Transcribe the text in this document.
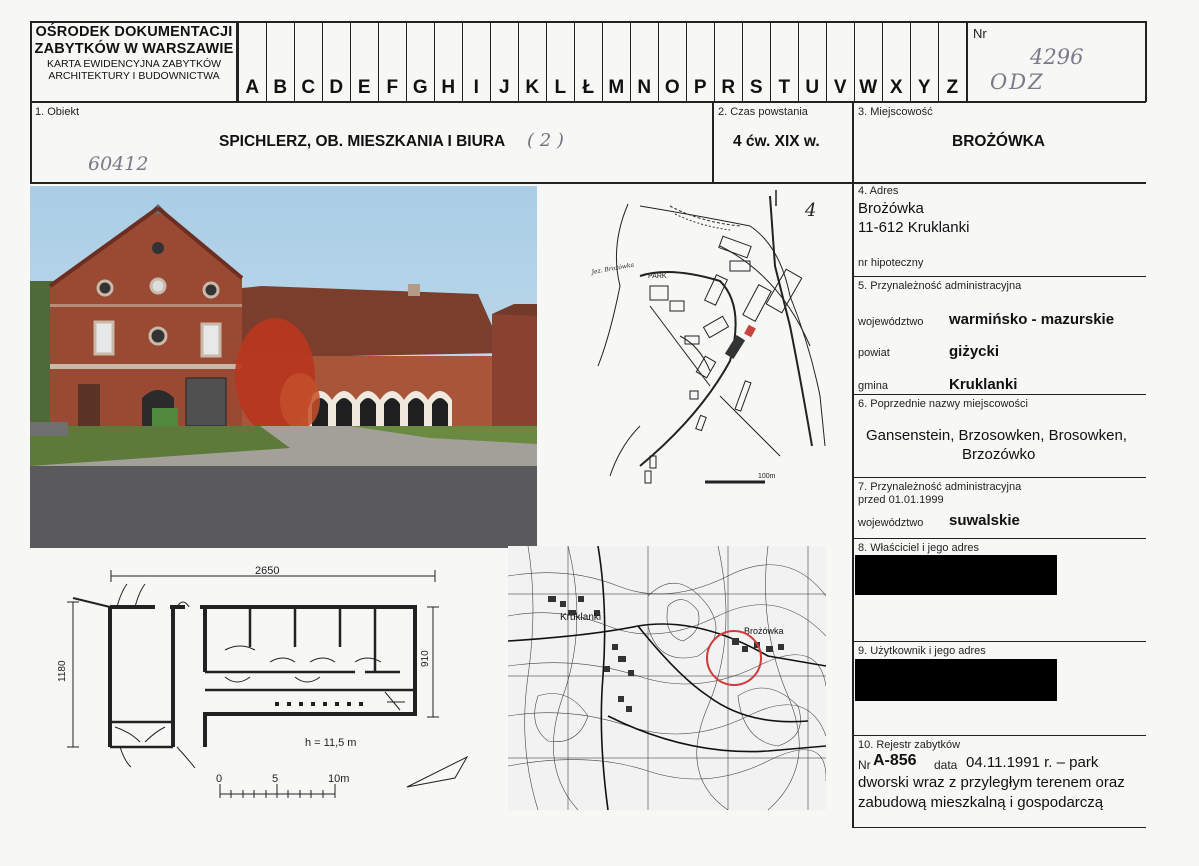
OŚRODEK DOKUMENTACJI
ZABYTKÓW W WARSZAWIE
KARTA EWIDENCYJNA ZABYTKÓW
ARCHITEKTURY I BUDOWNICTWA
A B C D E F G H I	J K L Ł M N O P R S T U V W X Y Z
Nr
4296
ODZ
1. Obiekt
SPICHLERZ, OB. MIESZKANIA I BIURA ( 2 )
60412
2. Czas powstania
4 ćw. XIX w.
3. Miejscowość
BROŻÓWKA
4
PARK
Jez. Brożówka
100m
2650
1180
910
h = 11,5 m
0	5	10m
Kruklanki
Brożówka
4. Adres
Brożówka
11-612 Kruklanki
nr hipoteczny
5. Przynależność administracyjna
województwo warmińsko - mazurskie
powiat	giżycki
gmina	Kruklanki
6. Poprzednie nazwy miejscowości
Gansenstein, Brzosowken, Brosowken,
Brzozówko
7. Przynależność administracyjna
przed 01.01.1999
województwo suwalskie
8. Właściciel i jego adres
9. Użytkownik i jego adres
10. Rejestr zabytków
Nr A-856 data 04.11.1991 r. – park
dworski wraz z przyległym terenem oraz
zabudową mieszkalną i gospodarczą
